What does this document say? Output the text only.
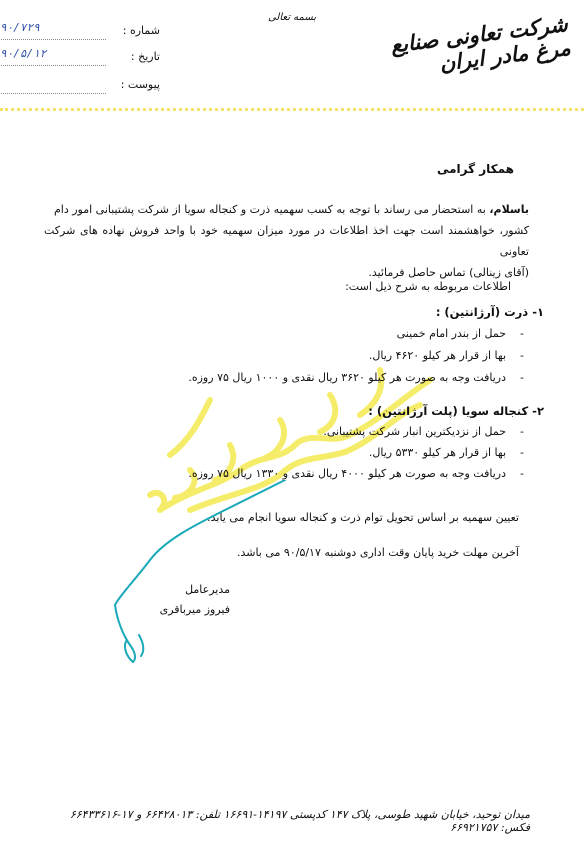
بسمه تعالی	شرکت تعاونی صنایع مرغ مادر ایران
شماره :
۹۰/۷۲۹
تاریخ :
۹۰/۵/۱۲
پیوست :
همکار گرامی
باسلام، به استحضار می رساند با توجه به کسب سهمیه ذرت و کنجاله سویا از شرکت پشتیبانی امور دام
کشور، خواهشمند است جهت اخذ اطلاعات در مورد میزان سهمیه خود با واحد فروش نهاده های شرکت تعاونی
(آقای زینالی) تماس حاصل فرمائید.
اطلاعات مربوطه به شرح ذیل است:
۱- ذرت (آرژانتین) :
- حمل از بندر امام خمینی
- بها از قرار هر کیلو ۴۶۲۰ ریال.
- دریافت وجه به صورت هر کیلو ۳۶۲۰ ریال نقدی و ۱۰۰۰ ریال ۷۵ روزه.
۲- کنجاله سویا (پلت آرژانتین) :
- حمل از نزدیکترین انبار شرکت پشتیبانی.
- بها از قرار هر کیلو ۵۳۳۰ ریال.
- دریافت وجه به صورت هر کیلو ۴۰۰۰ ریال نقدی و ۱۳۳۰ ریال ۷۵ روزه.
تعیین سهمیه بر اساس تحویل توام ذرت و کنجاله سویا انجام می یابد.
آخرین مهلت خرید پایان وقت اداری دوشنبه ۹۰/۵/۱۷ می باشد.
مدیرعامل
فیروز میرباقری
میدان توحید، خیابان شهید طوسی، پلاک ۱۴۷ کدپستی ۱۴۱۹۷-۱۶۶۹۱ تلفن: ۶۶۴۲۸۰۱۳ و ۱۷-۶۶۴۳۳۶۱۶ فکس: ۶۶۹۲۱۷۵۷
